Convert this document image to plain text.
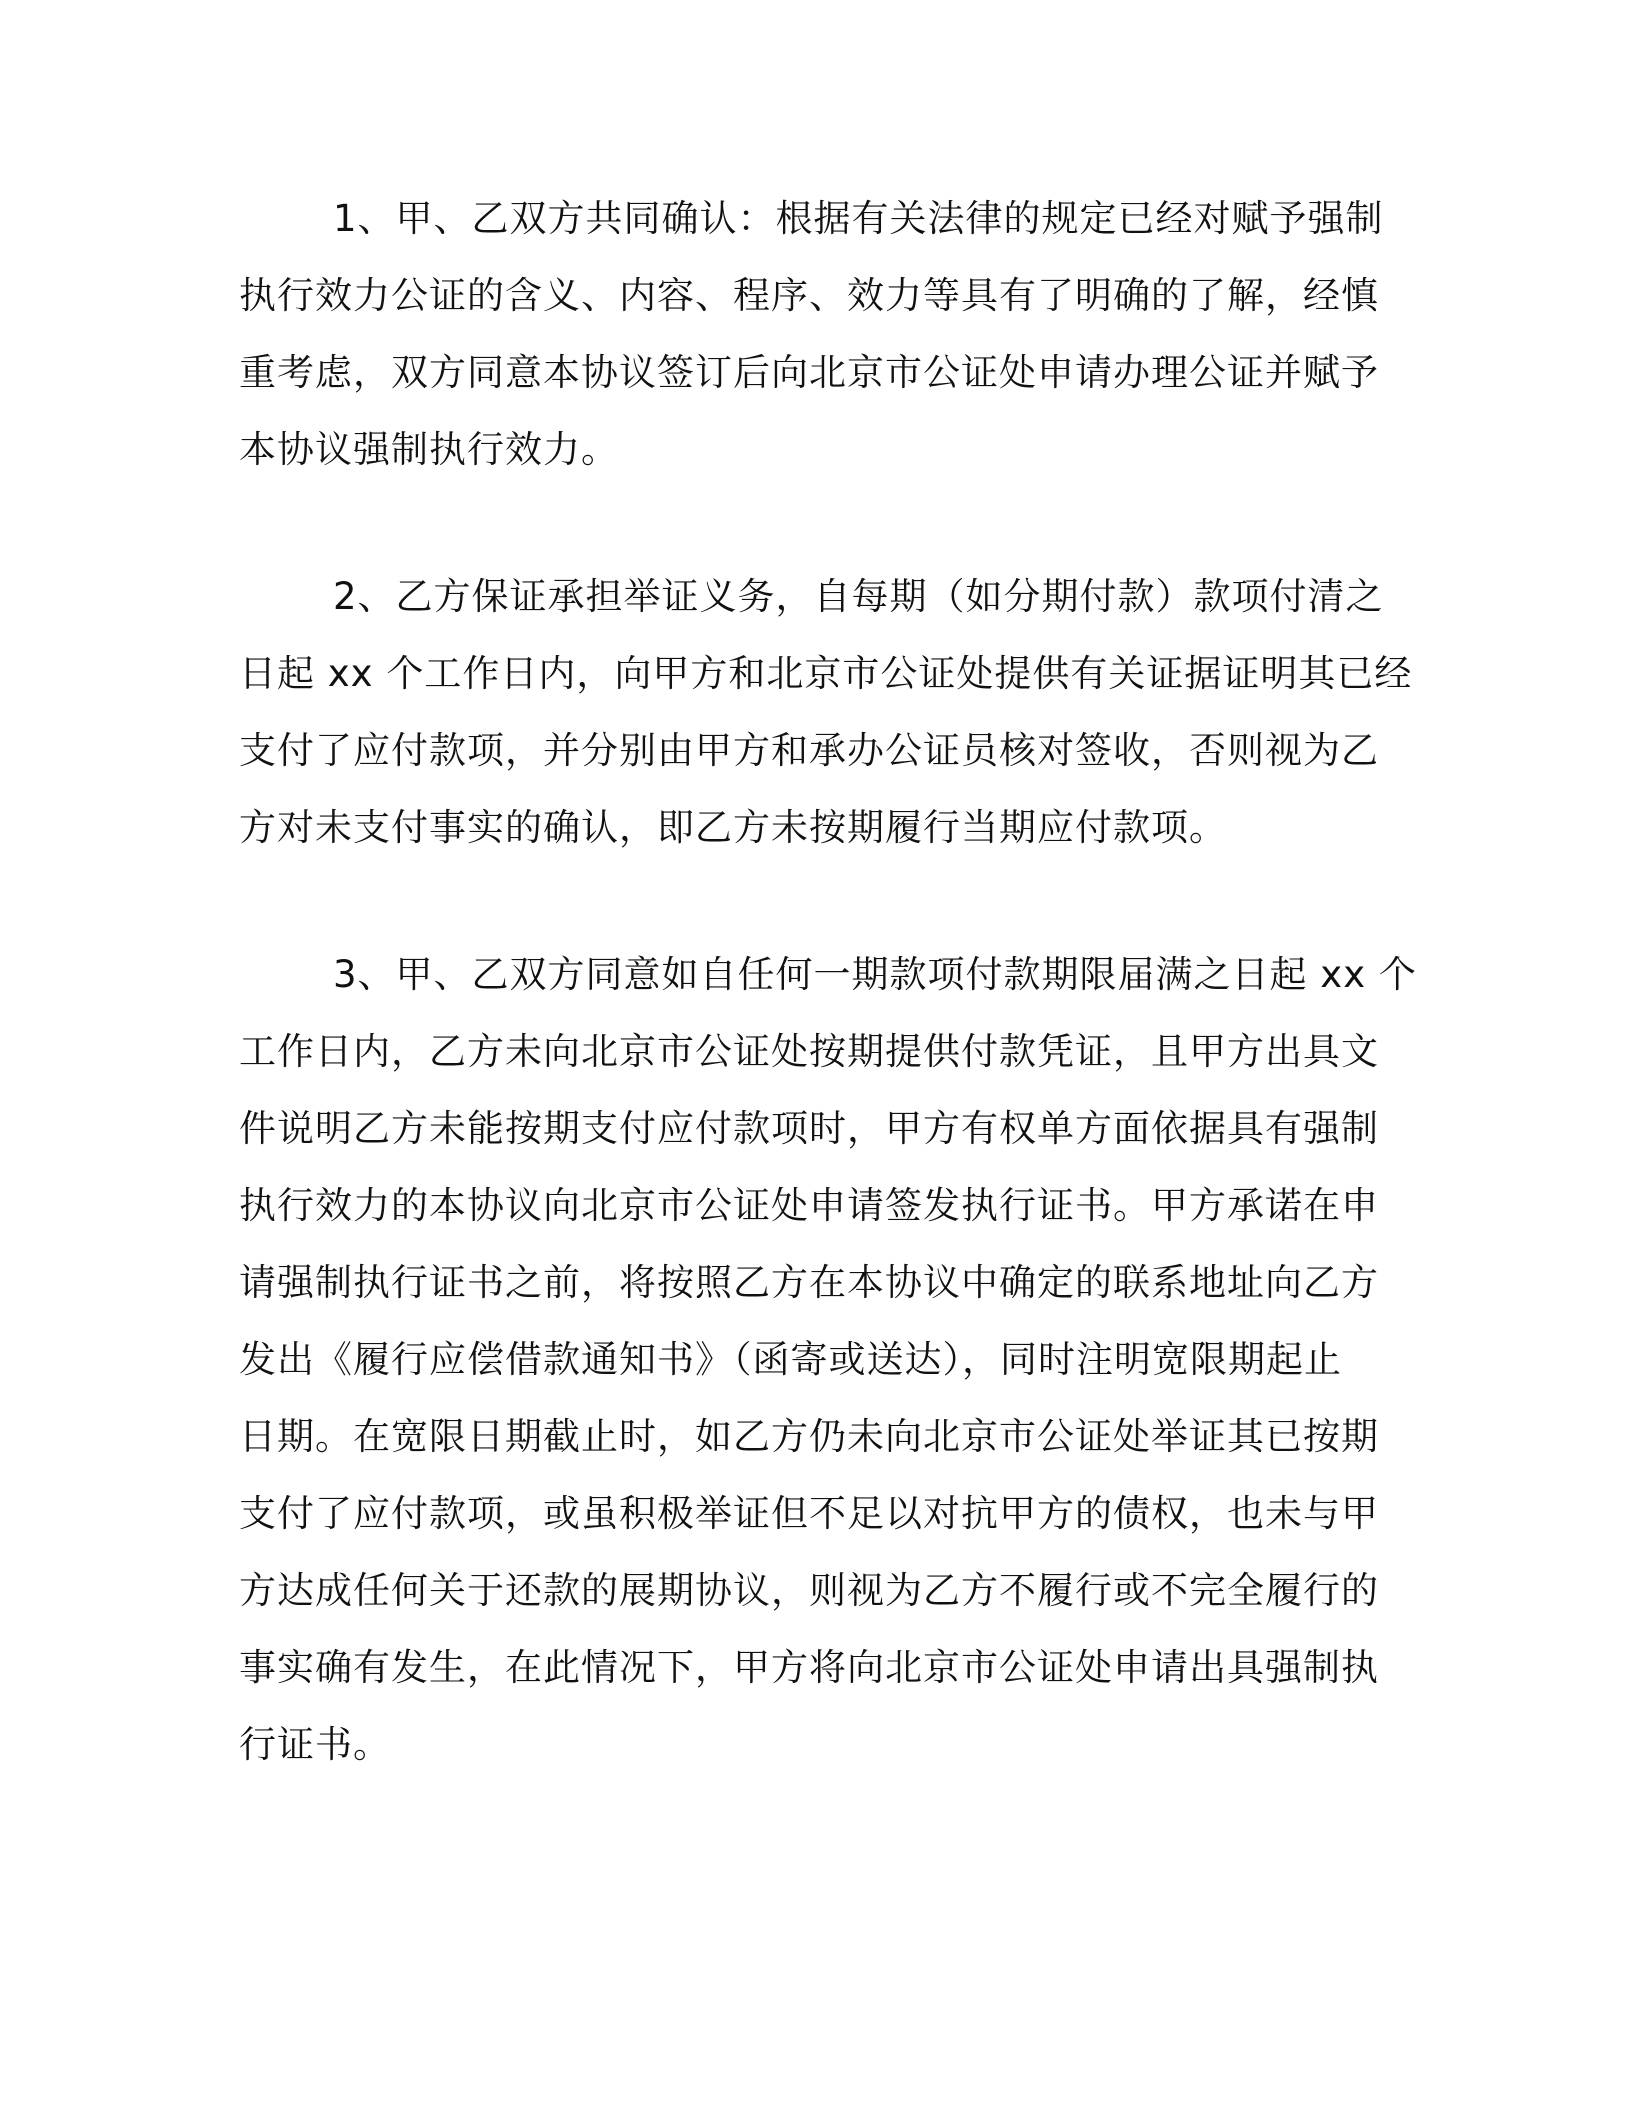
1、甲、乙双方共同确认：根据有关法律的规定已经对赋予强制
执行效力公证的含义、内容、程序、效力等具有了明确的了解，经慎
重考虑，双方同意本协议签订后向北京市公证处申请办理公证并赋予
本协议强制执行效力。

2、乙方保证承担举证义务，自每期（如分期付款）款项付清之
日起 xx 个工作日内，向甲方和北京市公证处提供有关证据证明其已经
支付了应付款项，并分别由甲方和承办公证员核对签收，否则视为乙
方对未支付事实的确认，即乙方未按期履行当期应付款项。

3、甲、乙双方同意如自任何一期款项付款期限届满之日起 xx 个
工作日内，乙方未向北京市公证处按期提供付款凭证，且甲方出具文
件说明乙方未能按期支付应付款项时，甲方有权单方面依据具有强制
执行效力的本协议向北京市公证处申请签发执行证书。甲方承诺在申
请强制执行证书之前，将按照乙方在本协议中确定的联系地址向乙方
发出《履行应偿借款通知书》（函寄或送达），同时注明宽限期起止
日期。在宽限日期截止时，如乙方仍未向北京市公证处举证其已按期
支付了应付款项，或虽积极举证但不足以对抗甲方的债权，也未与甲
方达成任何关于还款的展期协议，则视为乙方不履行或不完全履行的
事实确有发生，在此情况下，甲方将向北京市公证处申请出具强制执
行证书。
